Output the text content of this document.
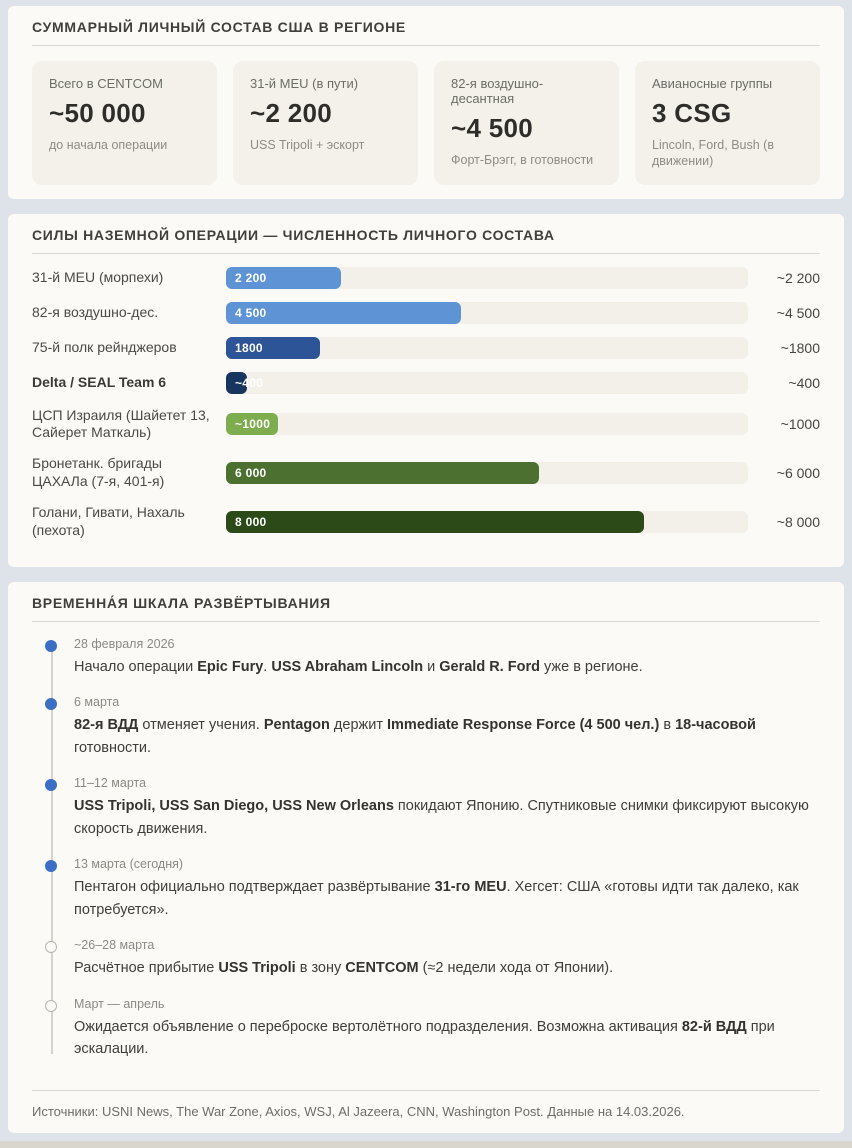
СУММАРНЫЙ ЛИЧНЫЙ СОСТАВ США В РЕГИОНЕ
Всего в CENTCOM
~50 000
до начала операции
31-й MEU (в пути)
~2 200
USS Tripoli + эскорт
82-я воздушно-десантная
~4 500
Форт-Брэгг, в готовности
Авианосные группы
3 CSG
Lincoln, Ford, Bush (в движении)
СИЛЫ НАЗЕМНОЙ ОПЕРАЦИИ — ЧИСЛЕННОСТЬ ЛИЧНОГО СОСТАВА
31-й MEU (морпехи)	2 200	~2 200
82-я воздушно-дес.	4 500	~4 500
75-й полк рейнджеров	1800	~1800
Delta / SEAL Team 6	~400	~400
ЦСП Израиля (Шайетет 13, Сайерет Маткаль)	~1000	~1000
Бронетанк. бригады ЦАХАЛа (7-я, 401-я)	6 000	~6 000
Голани, Гивати, Нахаль (пехота)	8 000	~8 000
ВРЕМЕННА́Я ШКАЛА РАЗВЁРТЫВАНИЯ
28 февраля 2026
Начало операции Epic Fury. USS Abraham Lincoln и Gerald R. Ford уже в регионе.
6 марта
82-я ВДД отменяет учения. Pentagon держит Immediate Response Force (4 500 чел.) в 18-часовой готовности.
11–12 марта
USS Tripoli, USS San Diego, USS New Orleans покидают Японию. Спутниковые снимки фиксируют высокую скорость движения.
13 марта (сегодня)
Пентагон официально подтверждает развёртывание 31-го MEU. Хегсет: США «готовы идти так далеко, как потребуется».
~26–28 марта
Расчётное прибытие USS Tripoli в зону CENTCOM (≈2 недели хода от Японии).
Март — апрель
Ожидается объявление о переброске вертолётного подразделения. Возможна активация 82-й ВДД при эскалации.
Источники: USNI News, The War Zone, Axios, WSJ, Al Jazeera, CNN, Washington Post. Данные на 14.03.2026.
